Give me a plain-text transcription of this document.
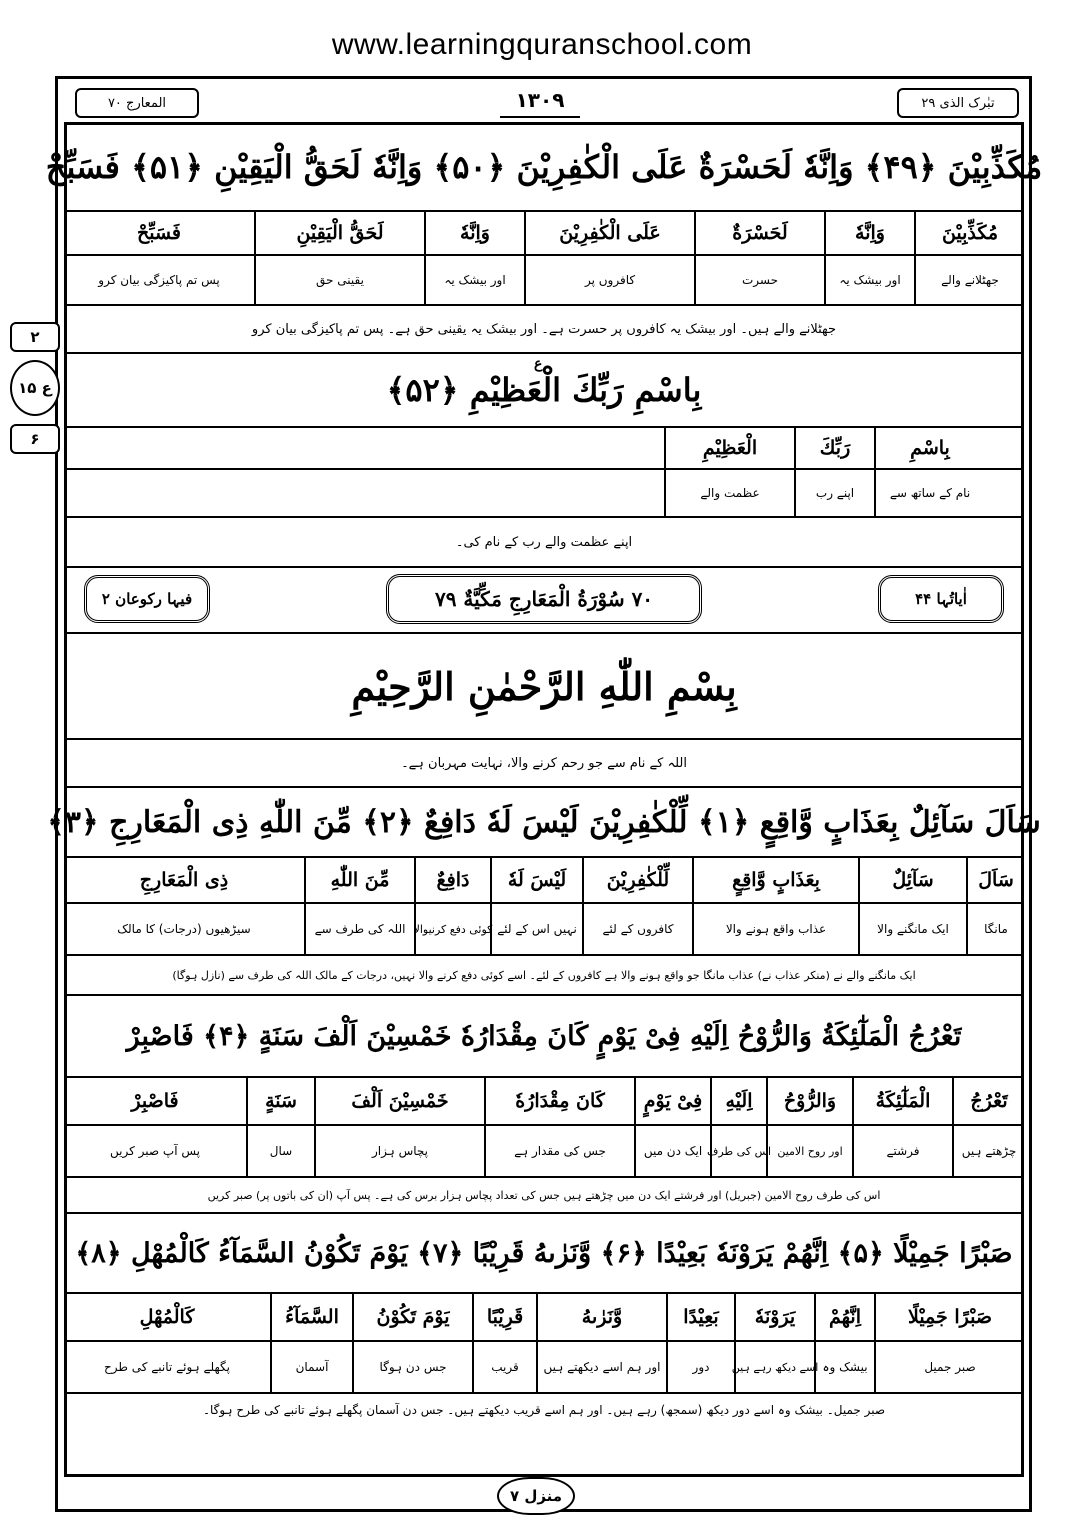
www.learningquranschool.com
تبٰرک الذی ۲۹
۱۳۰۹
المعارج ۷۰
مُكَذِّبِيْنَ ﴿۴۹﴾ وَاِنَّهٗ لَحَسْرَةٌ عَلَى الْكٰفِرِيْنَ ﴿۵۰﴾ وَاِنَّهٗ لَحَقُّ الْيَقِيْنِ ﴿۵۱﴾ فَسَبِّحْ
مُكَذِّبِيْنَ
وَاِنَّهٗ
لَحَسْرَةٌ
عَلَى الْكٰفِرِيْنَ
وَاِنَّهٗ
لَحَقُّ الْيَقِيْنِ
فَسَبِّحْ
جھٹلانے والے
اور بیشک یہ
حسرت
کافروں پر
اور بیشک یہ
یقینی حق
پس تم پاکیزگی بیان کرو
جھٹلانے والے ہیں۔ اور بیشک یہ کافروں پر حسرت ہے۔ اور بیشک یہ یقینی حق ہے۔ پس تم پاکیزگی بیان کرو
بِاسْمِ رَبِّكَ الْعَظِيْمِ ﴿۵۲﴾
ع
بِاسْمِ
رَبِّكَ
الْعَظِيْمِ
نام کے ساتھ سے
اپنے رب
عظمت والے
اپنے عظمت والے رب کے نام کی۔
۲
ع ۱۵
۶
فیہا رکوعان ۲	۷۰ سُوْرَةُ الْمَعَارِجِ مَكِّيَّةٌ ۷۹	اٰیاتُہا ۴۴
بِسْمِ اللّٰهِ الرَّحْمٰنِ الرَّحِيْمِ
اللہ کے نام سے جو رحم کرنے والا، نہایت مہربان ہے۔
سَاَلَ سَآئِلٌ بِعَذَابٍ وَّاقِعٍ ﴿۱﴾ لِّلْكٰفِرِيْنَ لَيْسَ لَهٗ دَافِعٌ ﴿۲﴾ مِّنَ اللّٰهِ ذِى الْمَعَارِجِ ﴿۳﴾
سَاَلَ
سَآئِلٌ
بِعَذَابٍ وَّاقِعٍ
لِّلْكٰفِرِيْنَ
لَيْسَ لَهٗ
دَافِعٌ
مِّنَ اللّٰهِ
ذِى الْمَعَارِجِ
مانگا
ایک مانگنے والا
عذاب واقع ہونے والا
کافروں کے لئے
نہیں اس کے لئے
کوئی دفع کرنیوالا
اللہ کی طرف سے
سیڑھیوں (درجات) کا مالک
ایک مانگنے والے نے (منکر عذاب نے) عذاب مانگا جو واقع ہونے والا ہے کافروں کے لئے۔ اسے کوئی دفع کرنے والا نہیں، درجات کے مالک اللہ کی طرف سے (نازل ہوگا)
تَعْرُجُ الْمَلٰٓئِكَةُ وَالرُّوْحُ اِلَيْهِ فِىْ يَوْمٍ كَانَ مِقْدَارُهٗ خَمْسِيْنَ اَلْفَ سَنَةٍ ﴿۴﴾ فَاصْبِرْ
تَعْرُجُ
الْمَلٰٓئِكَةُ
وَالرُّوْحُ
اِلَيْهِ
فِىْ يَوْمٍ
كَانَ مِقْدَارُهٗ
خَمْسِيْنَ اَلْفَ
سَنَةٍ
فَاصْبِرْ
چڑھتے ہیں
فرشتے
اور روح الامین
اس کی طرف
ایک دن میں
جس کی مقدار ہے
پچاس ہزار
سال
پس آپ صبر کریں
اس کی طرف روح الامین (جبریل) اور فرشتے ایک دن میں چڑھتے ہیں جس کی تعداد پچاس ہزار برس کی ہے۔ پس آپ (ان کی باتوں پر) صبر کریں
صَبْرًا جَمِيْلًا ﴿۵﴾ اِنَّهُمْ يَرَوْنَهٗ بَعِيْدًا ﴿۶﴾ وَّنَرٰىهُ قَرِيْبًا ﴿۷﴾ يَوْمَ تَكُوْنُ السَّمَآءُ كَالْمُهْلِ ﴿۸﴾
صَبْرًا جَمِيْلًا
اِنَّهُمْ
يَرَوْنَهٗ
بَعِيْدًا
وَّنَرٰىهُ
قَرِيْبًا
يَوْمَ تَكُوْنُ
السَّمَآءُ
كَالْمُهْلِ
صبر جمیل
بیشک وہ
اسے دیکھ رہے ہیں
دور
اور ہم اسے دیکھتے ہیں
قریب
جس دن ہوگا
آسمان
پگھلے ہوئے تانبے کی طرح
صبر جمیل۔ بیشک وہ اسے دور دیکھ (سمجھ) رہے ہیں۔ اور ہم اسے قریب دیکھتے ہیں۔ جس دن آسمان پگھلے ہوئے تانبے کی طرح ہوگا۔
منزل ۷
